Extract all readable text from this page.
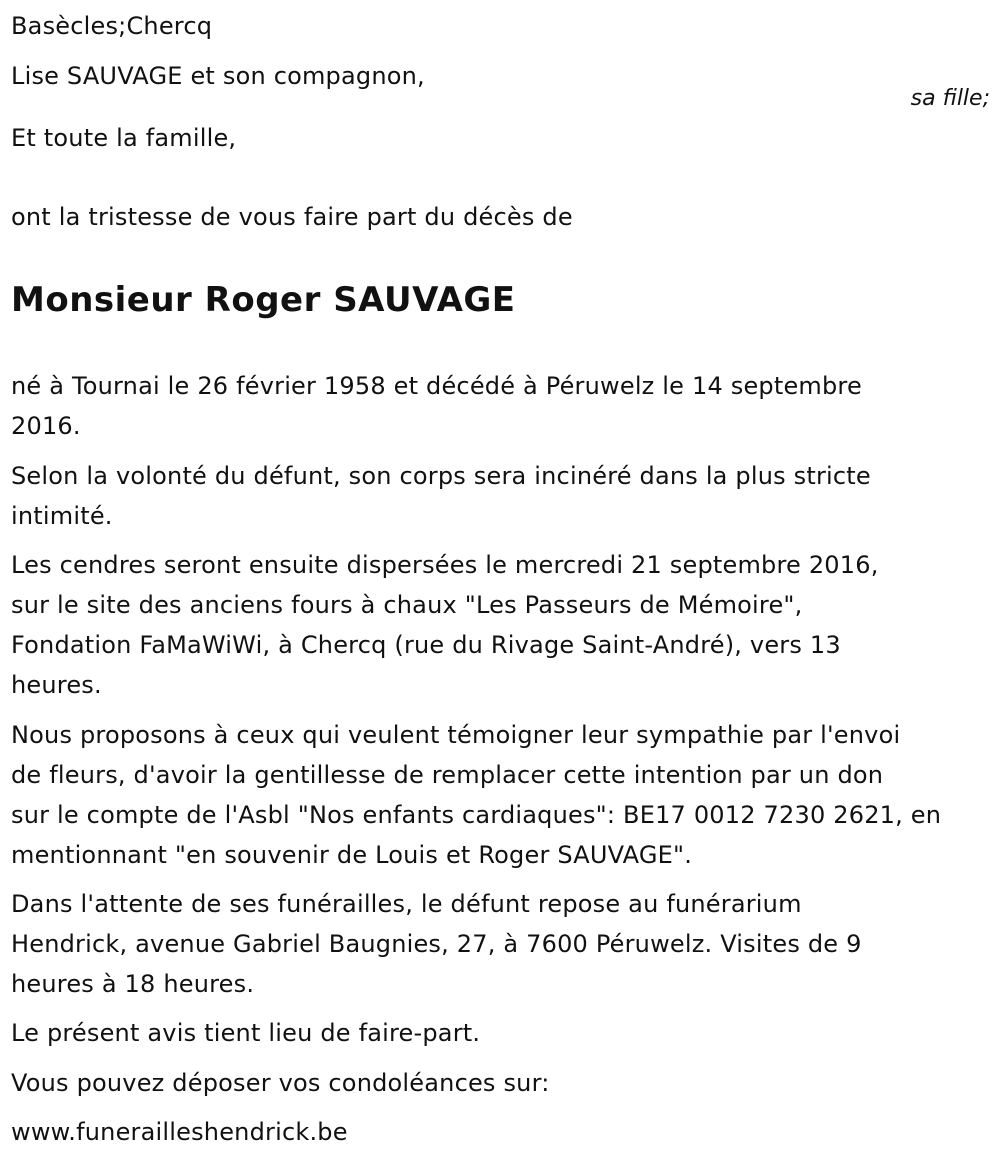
Basècles;Chercq
Lise SAUVAGE et son compagnon,
sa fille;
Et toute la famille,
ont la tristesse de vous faire part du décès de
Monsieur Roger SAUVAGE
né à Tournai le 26 février 1958 et décédé à Péruwelz le 14 septembre
2016.
Selon la volonté du défunt, son corps sera incinéré dans la plus stricte
intimité.
Les cendres seront ensuite dispersées le mercredi 21 septembre 2016,
sur le site des anciens fours à chaux "Les Passeurs de Mémoire",
Fondation FaMaWiWi, à Chercq (rue du Rivage Saint-André), vers 13
heures.
Nous proposons à ceux qui veulent témoigner leur sympathie par l'envoi
de fleurs, d'avoir la gentillesse de remplacer cette intention par un don
sur le compte de l'Asbl "Nos enfants cardiaques": BE17 0012 7230 2621, en
mentionnant "en souvenir de Louis et Roger SAUVAGE".
Dans l'attente de ses funérailles, le défunt repose au funérarium
Hendrick, avenue Gabriel Baugnies, 27, à 7600 Péruwelz. Visites de 9
heures à 18 heures.
Le présent avis tient lieu de faire-part.
Vous pouvez déposer vos condoléances sur:
www.funerailleshendrick.be
